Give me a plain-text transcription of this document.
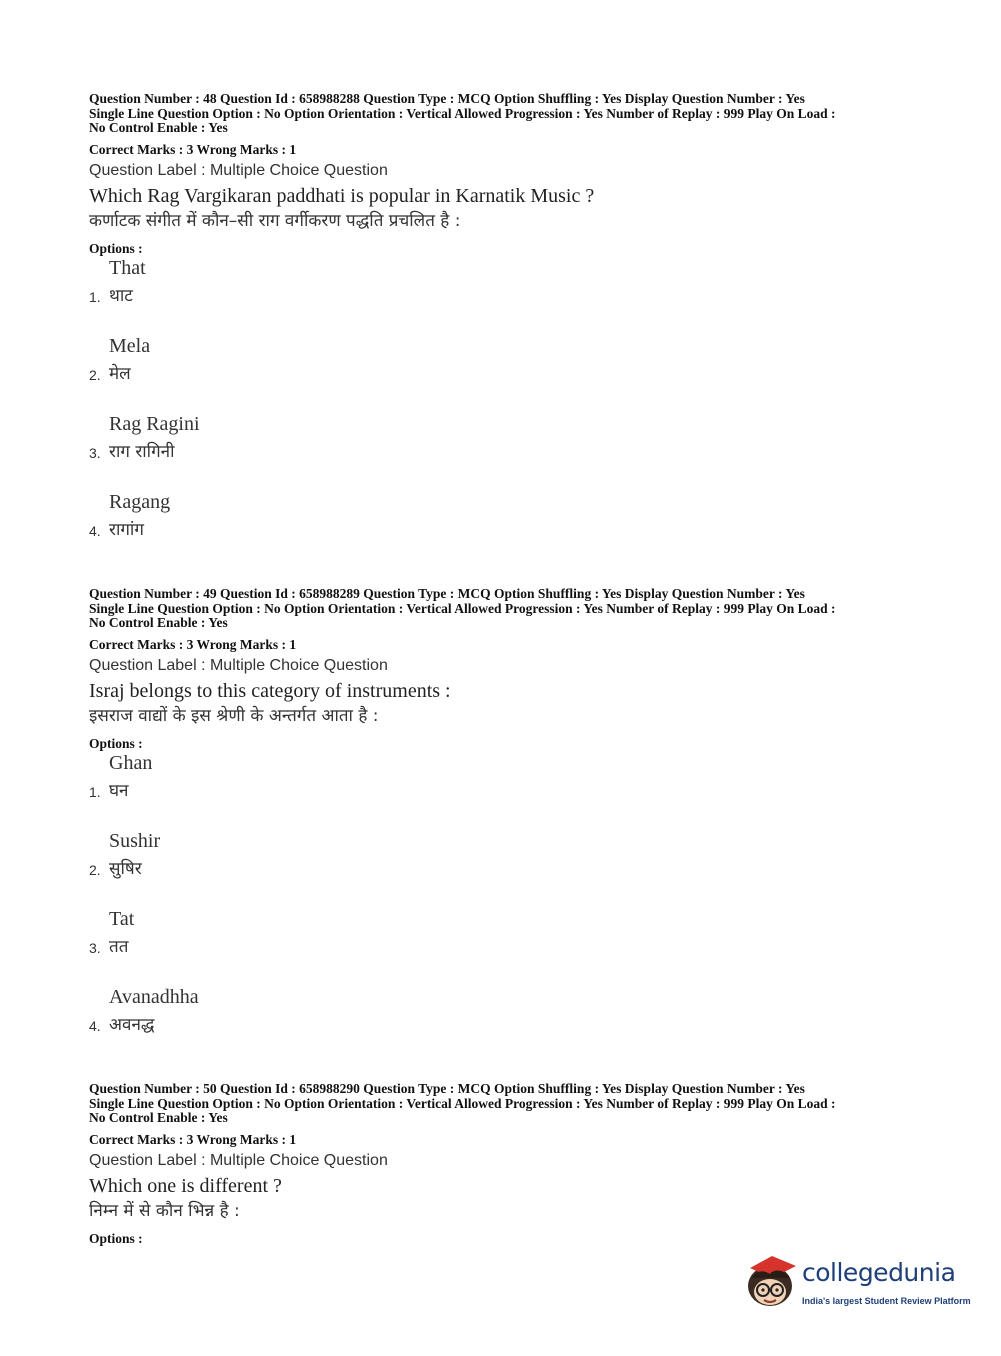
Question Number : 48 Question Id : 658988288 Question Type : MCQ Option Shuffling : Yes Display Question Number : Yes
Single Line Question Option : No Option Orientation : Vertical Allowed Progression : Yes Number of Replay : 999 Play On Load :
No Control Enable : Yes
Correct Marks : 3 Wrong Marks : 1
Question Label : Multiple Choice Question
Which Rag Vargikaran paddhati is popular in Karnatik Music ?
कर्णाटक संगीत में कौन–सी राग वर्गीकरण पद्धति प्रचलित है :
Options :
That
1. थाट
Mela
2. मेल
Rag Ragini
3. राग रागिनी
Ragang
4. रागांग
Question Number : 49 Question Id : 658988289 Question Type : MCQ Option Shuffling : Yes Display Question Number : Yes
Single Line Question Option : No Option Orientation : Vertical Allowed Progression : Yes Number of Replay : 999 Play On Load :
No Control Enable : Yes
Correct Marks : 3 Wrong Marks : 1
Question Label : Multiple Choice Question
Israj belongs to this category of instruments :
इसराज वाद्यों के इस श्रेणी के अन्तर्गत आता है :
Options :
Ghan
1. घन
Sushir
2. सुषिर
Tat
3. तत
Avanadhha
4. अवनद्ध
Question Number : 50 Question Id : 658988290 Question Type : MCQ Option Shuffling : Yes Display Question Number : Yes
Single Line Question Option : No Option Orientation : Vertical Allowed Progression : Yes Number of Replay : 999 Play On Load :
No Control Enable : Yes
Correct Marks : 3 Wrong Marks : 1
Question Label : Multiple Choice Question
Which one is different ?
निम्न में से कौन भिन्न है :
Options :
collegedunia
India's largest Student Review Platform
